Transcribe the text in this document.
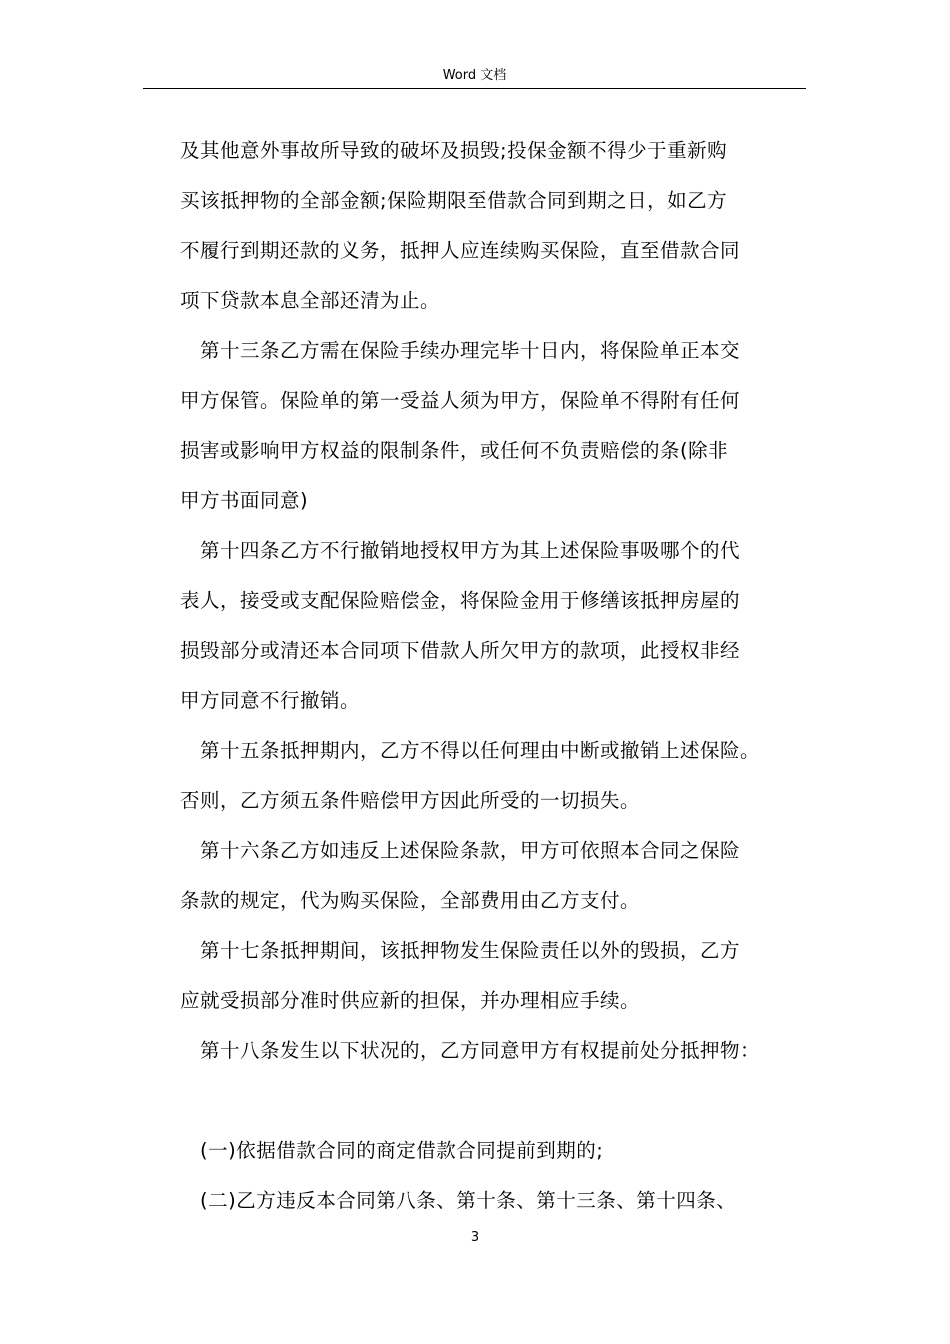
Word 文档
及其他意外事故所导致的破坏及损毁;投保金额不得少于重新购
买该抵押物的全部金额;保险期限至借款合同到期之日，如乙方
不履行到期还款的义务，抵押人应连续购买保险，直至借款合同
项下贷款本息全部还清为止。
第十三条乙方需在保险手续办理完毕十日内，将保险单正本交
甲方保管。保险单的第一受益人须为甲方，保险单不得附有任何
损害或影响甲方权益的限制条件，或任何不负责赔偿的条(除非
甲方书面同意)
第十四条乙方不行撤销地授权甲方为其上述保险事吸哪个的代
表人，接受或支配保险赔偿金，将保险金用于修缮该抵押房屋的
损毁部分或清还本合同项下借款人所欠甲方的款项，此授权非经
甲方同意不行撤销。
第十五条抵押期内，乙方不得以任何理由中断或撤销上述保险。
否则，乙方须五条件赔偿甲方因此所受的一切损失。
第十六条乙方如违反上述保险条款，甲方可依照本合同之保险
条款的规定，代为购买保险，全部费用由乙方支付。
第十七条抵押期间，该抵押物发生保险责任以外的毁损，乙方
应就受损部分准时供应新的担保，并办理相应手续。
第十八条发生以下状况的，乙方同意甲方有权提前处分抵押物：
(一)依据借款合同的商定借款合同提前到期的;
(二)乙方违反本合同第八条、第十条、第十三条、第十四条、
3
